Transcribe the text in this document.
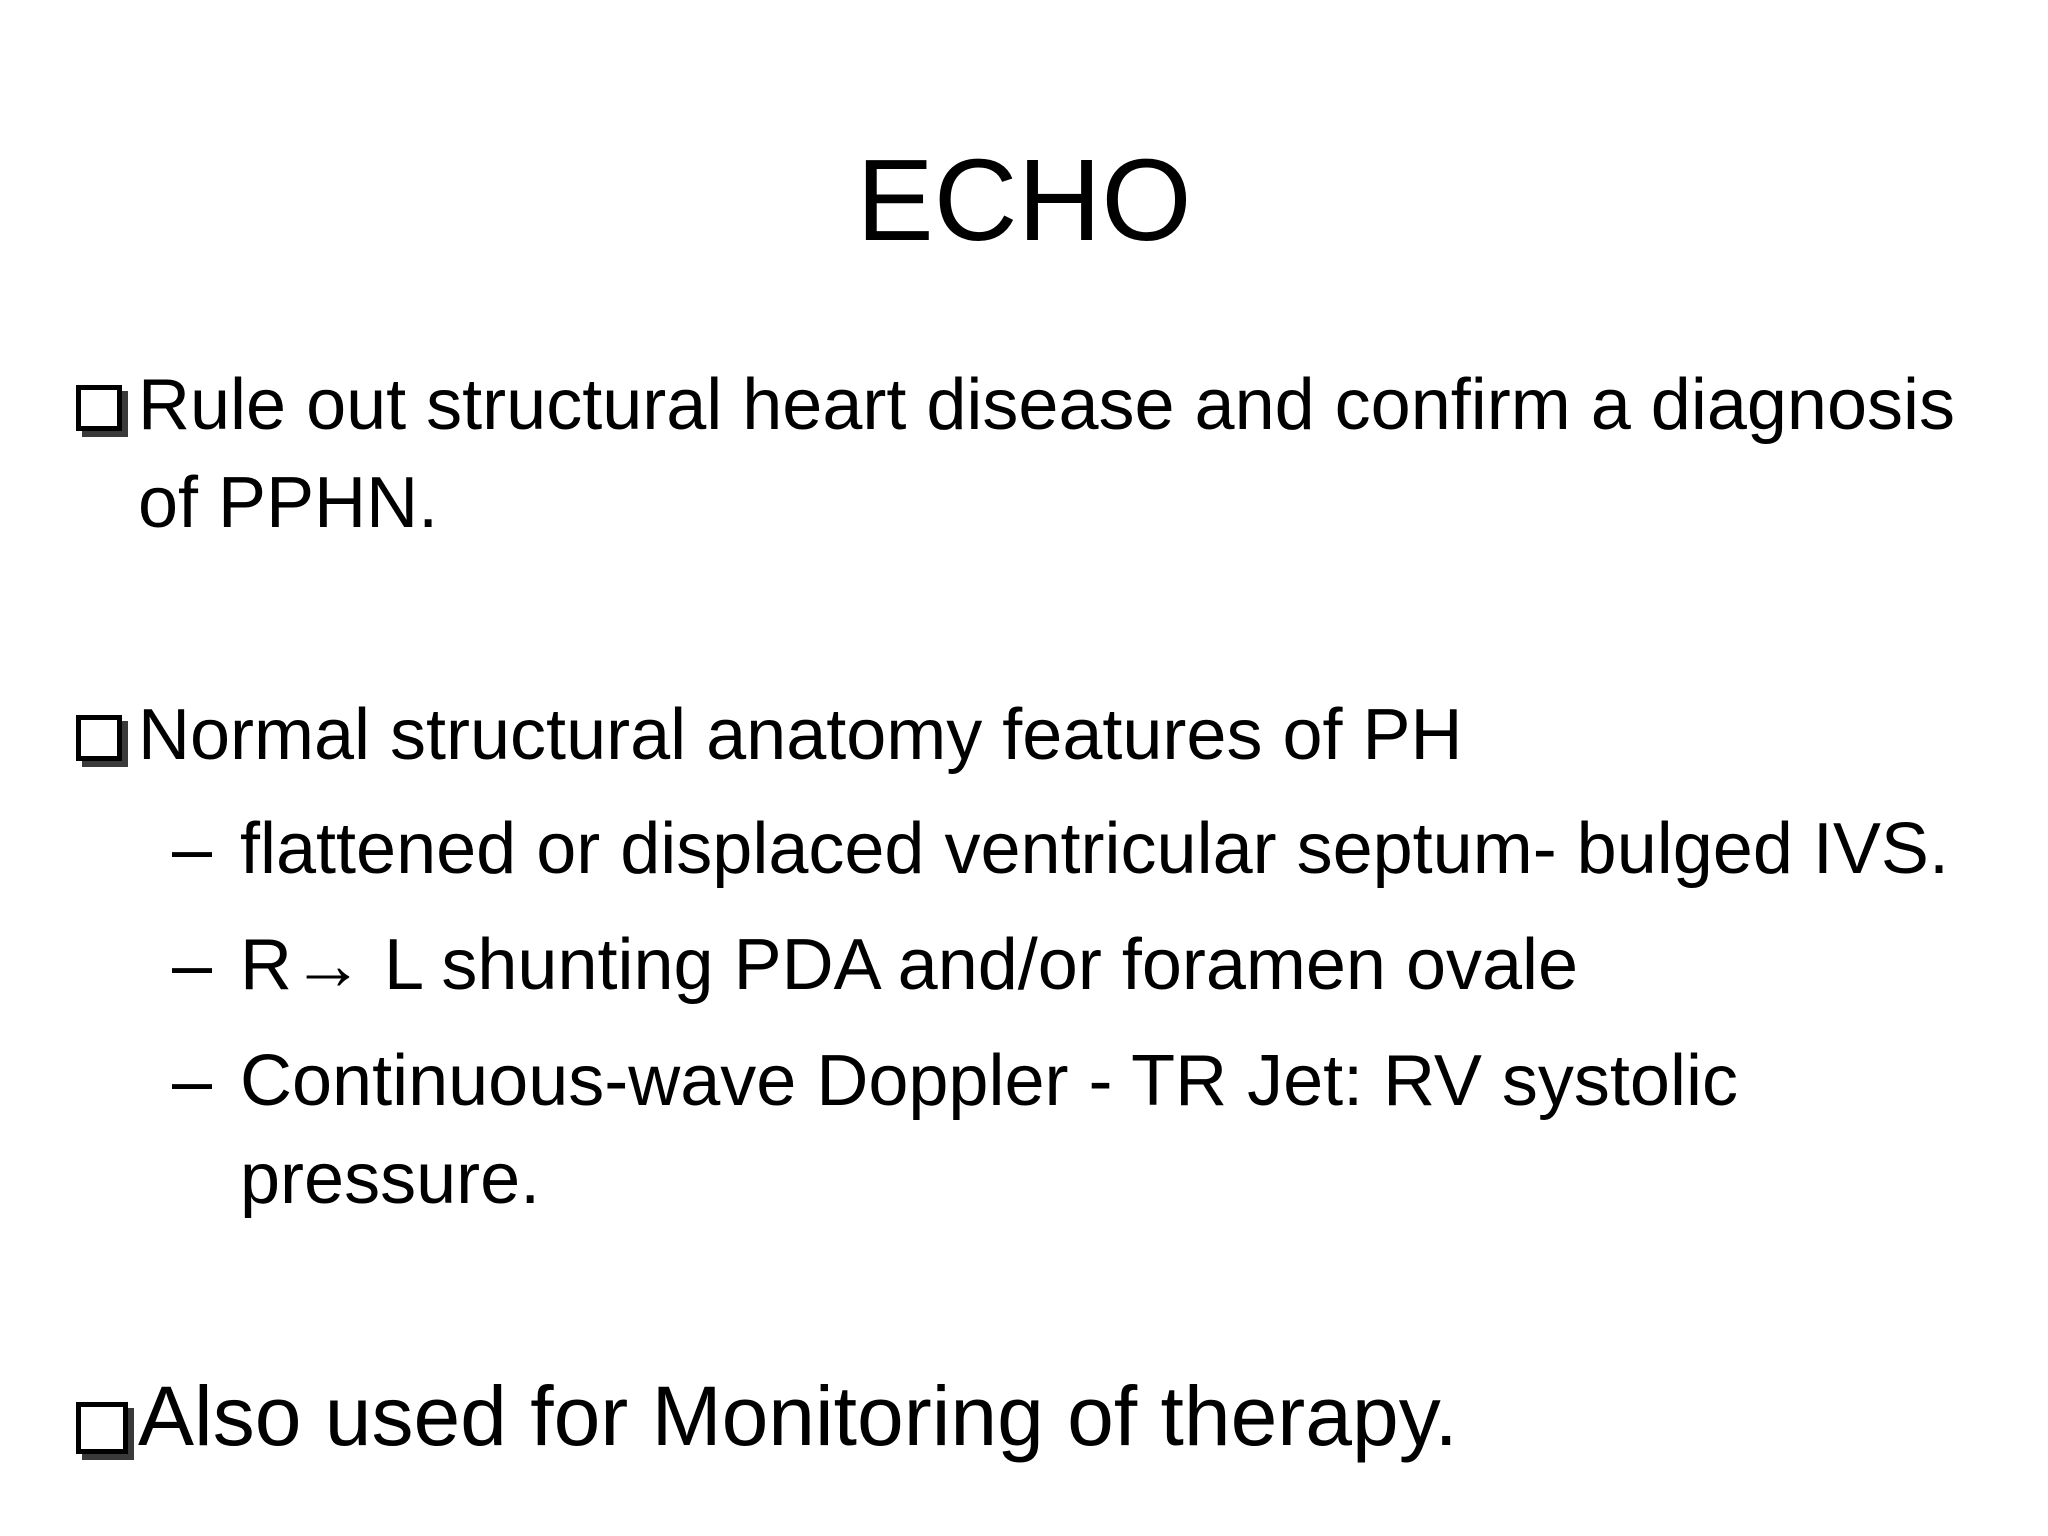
ECHO
Rule out structural heart disease and confirm a diagnosis of PPHN.
Normal structural anatomy features of PH
– flattened or displaced ventricular septum- bulged IVS.
– R→ L shunting PDA and/or foramen ovale
– Continuous-wave Doppler - TR Jet: RV systolic pressure.
Also used for Monitoring of therapy.
